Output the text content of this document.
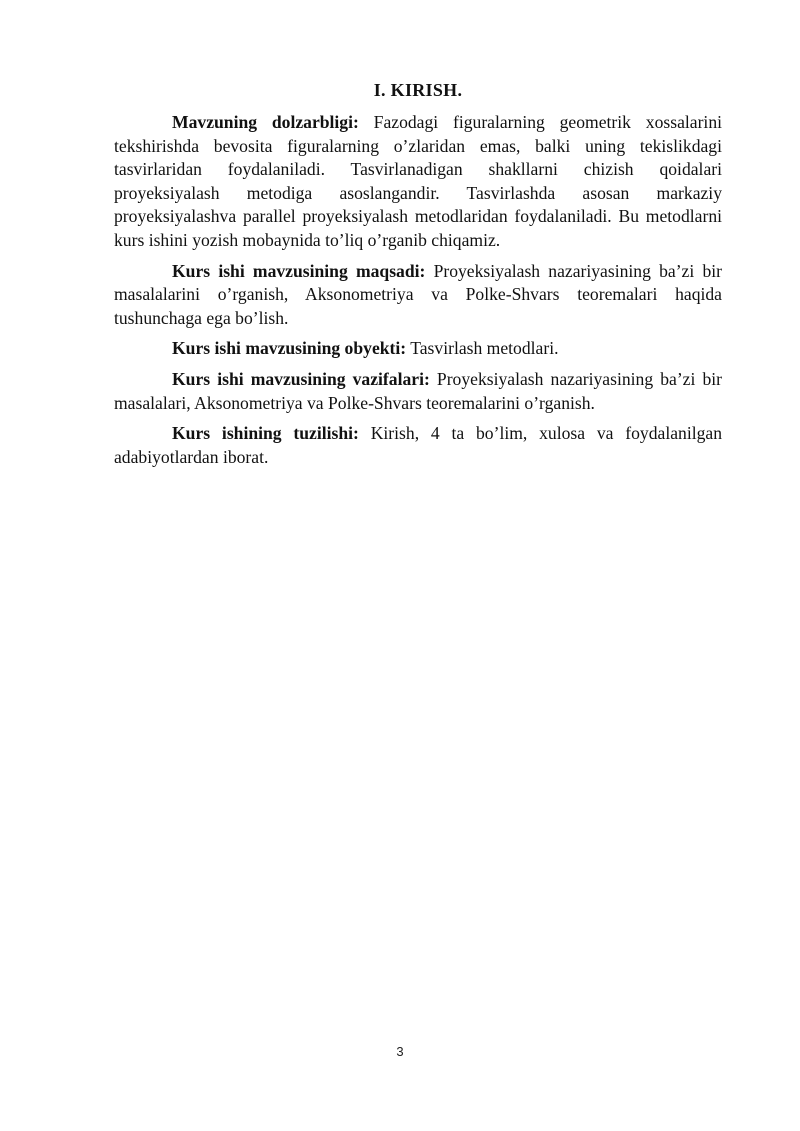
I. KIRISH.

Mavzuning dolzarbligi: Fazodagi figuralarning geometrik xossalarini tekshirishda bevosita figuralarning o’zlaridan emas, balki uning tekislikdagi tasvirlaridan foydalaniladi. Tasvirlanadigan shakllarni chizish qoidalari proyeksiyalash metodiga asoslangandir. Tasvirlashda asosan markaziy proyeksiyalashva parallel proyeksiyalash metodlaridan foydalaniladi. Bu metodlarni kurs ishini yozish mobaynida to’liq o’rganib chiqamiz.

Kurs ishi mavzusining maqsadi: Proyeksiyalash nazariyasining ba’zi bir masalalarini o’rganish, Aksonometriya va Polke-Shvars teoremalari haqida tushunchaga ega bo’lish.

Kurs ishi mavzusining obyekti: Tasvirlash metodlari.

Kurs ishi mavzusining vazifalari: Proyeksiyalash nazariyasining ba’zi bir masalalari, Aksonometriya va Polke-Shvars teoremalarini o’rganish.

Kurs ishining tuzilishi: Kirish, 4 ta bo’lim, xulosa va foydalanilgan adabiyotlardan iborat.

3
